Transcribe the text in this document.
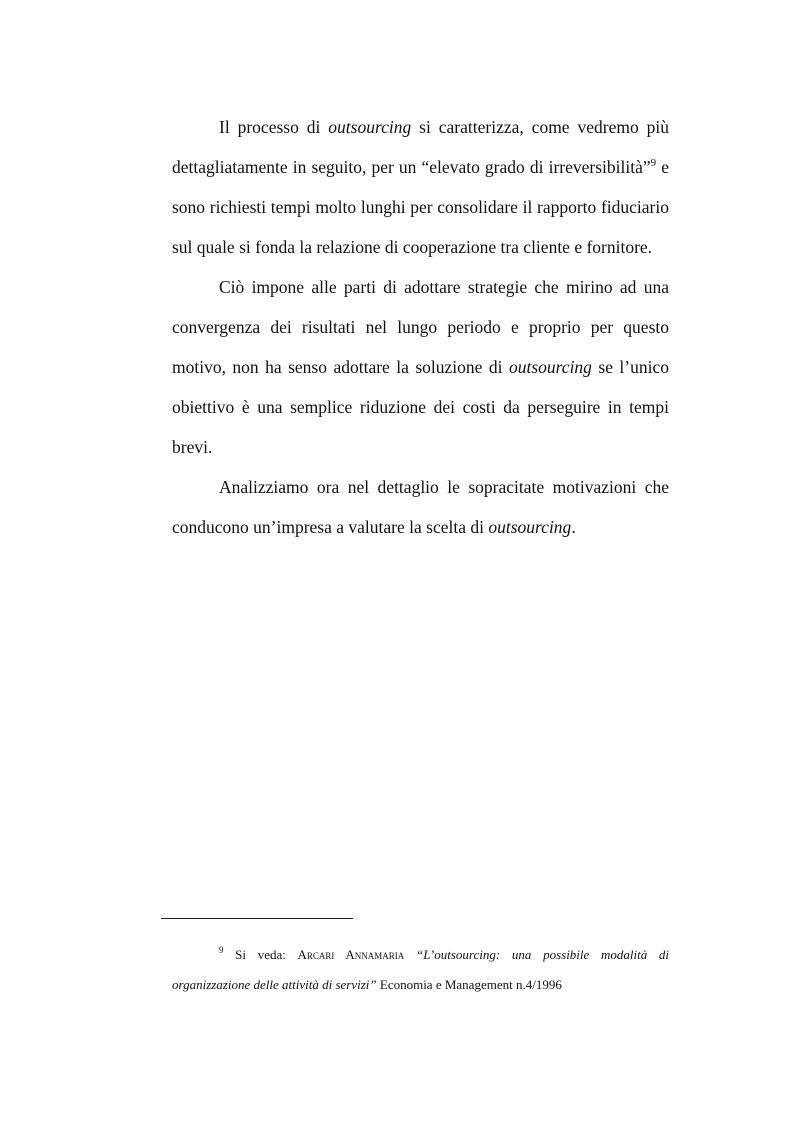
Il processo di outsourcing si caratterizza, come vedremo più dettagliatamente in seguito, per un “elevato grado di irreversibilità”$^9$ e sono richiesti tempi molto lunghi per consolidare il rapporto fiduciario sul quale si fonda la relazione di cooperazione tra cliente e fornitore.

Ciò impone alle parti di adottare strategie che mirino ad una convergenza dei risultati nel lungo periodo e proprio per questo motivo, non ha senso adottare la soluzione di outsourcing se l’unico obiettivo è una semplice riduzione dei costi da perseguire in tempi brevi.

Analizziamo ora nel dettaglio le sopracitate motivazioni che conducono un’impresa a valutare la scelta di outsourcing.

$^9$ Si veda: Arcari Annamaria “L’outsourcing: una possibile modalità di organizzazione delle attività di servizi” Economia e Management n.4/1996
